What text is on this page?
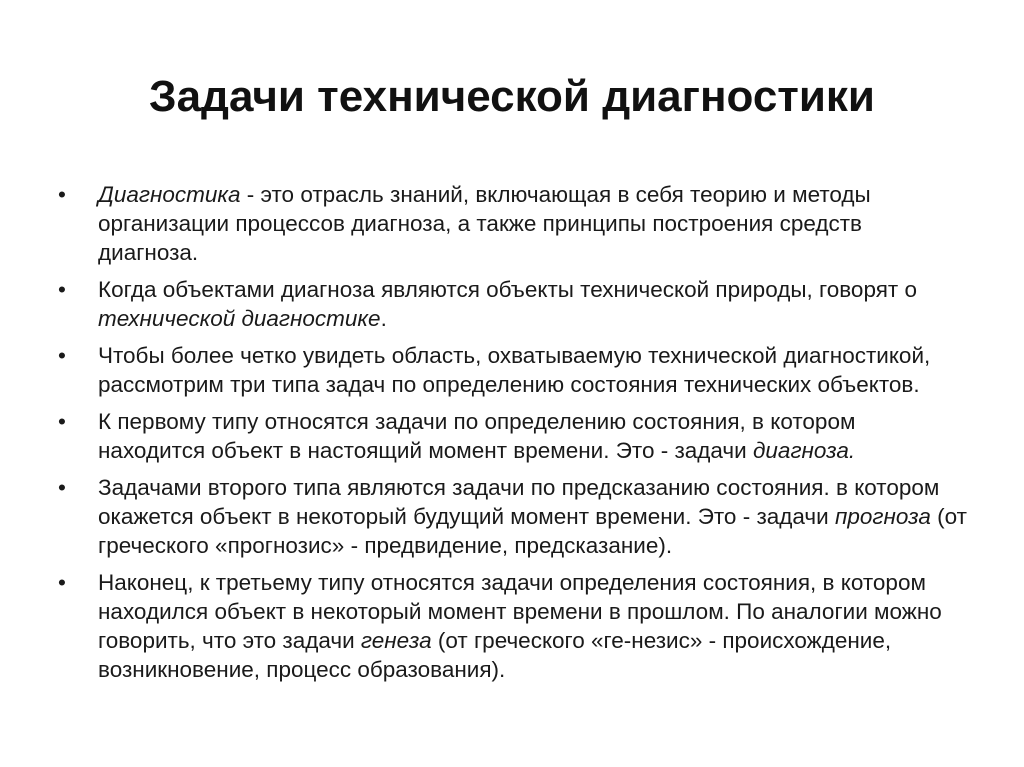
Задачи технической диагностики
•	Диагностика - это отрасль знаний, включающая в себя теорию и методы организации процессов диагноза, а также принципы построения средств диагноза.
•	Когда объектами диагноза являются объекты технической природы, говорят о технической диагностике.
•	Чтобы более четко увидеть область, охватываемую технической диагностикой, рассмотрим три типа задач по определению состояния технических объектов.
•	К первому типу относятся задачи по определению состояния, в котором находится объект в настоящий момент времени. Это - задачи диагноза.
•	Задачами второго типа являются задачи по предсказанию состояния. в котором окажется объект в некоторый будущий момент времени. Это - задачи прогноза (от греческого «прогнозис» - предвидение, предсказание).
•	Наконец, к третьему типу относятся задачи определения состояния, в котором находился объект в некоторый момент времени в прошлом. По аналогии можно говорить, что это задачи генеза (от греческого «ге-незис» - происхождение, возникновение, процесс образования).
